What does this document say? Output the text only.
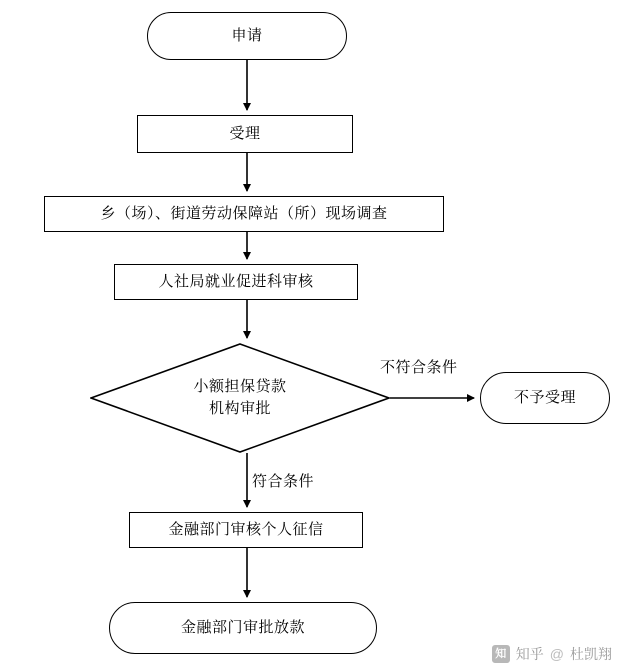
申请
受理
乡（场）、街道劳动保障站（所）现场调查
人社局就业促进科审核
小额担保贷款
机构审批
不予受理
金融部门审核个人征信
金融部门审批放款
不符合条件
符合条件
知 知乎 @ 杜凯翔
